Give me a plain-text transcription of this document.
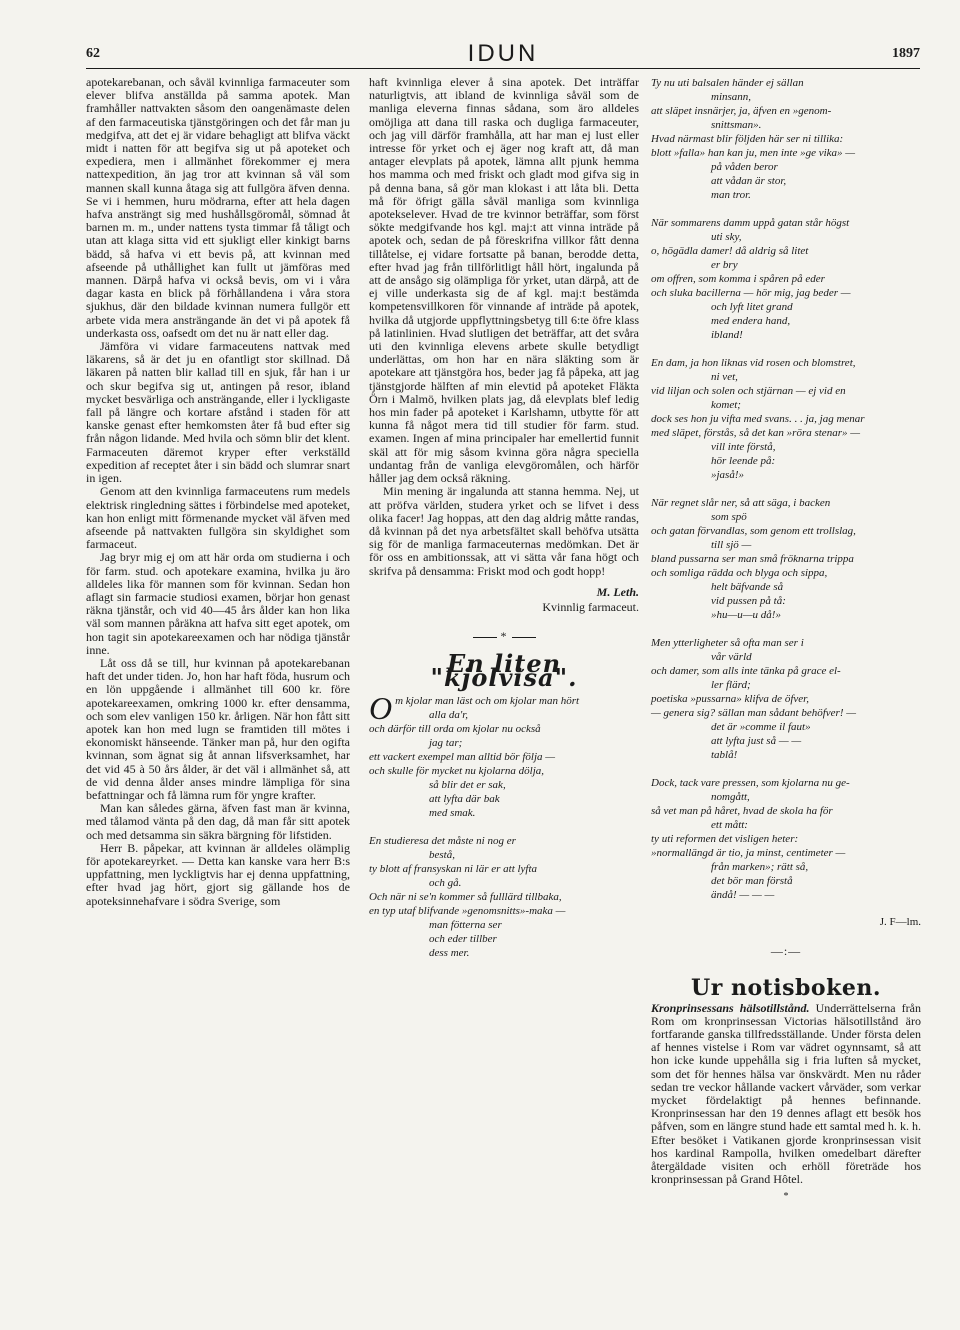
62	IDUN	1897

apotekarebanan, och såväl kvinnliga farmaceuter som elever blifva anställda på samma apotek. Man framhåller nattvakten såsom den oangenämaste delen af den farmaceutiska tjänstgöringen och det får man ju medgifva, att det ej är vidare behagligt att blifva väckt midt i natten för att begifva sig ut på apoteket och expediera, men i allmänhet förekommer ej mera nattexpedition, än jag tror att kvinnan så väl som mannen skall kunna åtaga sig att fullgöra äfven denna. Se vi i hemmen, huru mödrarna, efter att hela dagen hafva ansträngt sig med hushållsgöromål, sömnad åt barnen m. m., under nattens tysta timmar få tåligt och utan att klaga sitta vid ett sjukligt eller kinkigt barns bädd, så hafva vi ett bevis på, att kvinnan med afseende på uthållighet kan fullt ut jämföras med mannen. Därpå hafva vi också bevis, om vi i våra dagar kasta en blick på förhållandena i våra stora sjukhus, där den bildade kvinnan numera fullgör ett arbete vida mera ansträngande än det vi på apotek få underkasta oss, oafsedt om det nu är natt eller dag.

Jämföra vi vidare farmaceutens nattvak med läkarens, så är det ju en ofantligt stor skillnad. Då läkaren på natten blir kallad till en sjuk, får han i ur och skur begifva sig ut, antingen på resor, ibland mycket besvärliga och ansträngande, eller i lyckligaste fall på längre och kortare afstånd i staden för att kanske genast efter hemkomsten åter få bud efter sig från någon lidande. Med hvila och sömn blir det klent. Farmaceuten däremot kryper efter verkställd expedition af receptet åter i sin bädd och slumrar snart in igen.

Genom att den kvinnliga farmaceutens rum medels elektrisk ringledning sättes i förbindelse med apoteket, kan hon enligt mitt förmenande mycket väl äfven med afseende på nattvakten fullgöra sin skyldighet som farmaceut.

Jag bryr mig ej om att här orda om studierna i och för farm. stud. och apotekare examina, hvilka ju äro alldeles lika för mannen som för kvinnan. Sedan hon aflagt sin farmacie studiosi examen, börjar hon genast räkna tjänstår, och vid 40—45 års ålder kan hon lika väl som mannen påräkna att hafva sitt eget apotek, om hon tagit sin apotekareexamen och har nödiga tjänstår inne.

Låt oss då se till, hur kvinnan på apotekarebanan haft det under tiden. Jo, hon har haft föda, husrum och en lön uppgående i allmänhet till 600 kr. före apotekareexamen, omkring 1000 kr. efter densamma, och som elev vanligen 150 kr. årligen. När hon fått sitt apotek kan hon med lugn se framtiden till mötes i ekonomiskt hänseende. Tänker man på, hur den ogifta kvinnan, som ägnat sig åt annan lifsverksamhet, har det vid 45 à 50 års ålder, är det väl i allmänhet så, att de vid denna ålder anses mindre lämpliga för sina befattningar och få lämna rum för yngre krafter.

Man kan således gärna, äfven fast man är kvinna, med tålamod vänta på den dag, då man får sitt apotek och med detsamma sin säkra bärgning för lifstiden.

Herr B. påpekar, att kvinnan är alldeles olämplig för apotekareyrket. — Detta kan kanske vara herr B:s uppfattning, men lyckligtvis har ej denna uppfattning, efter hvad jag hört, gjort sig gällande hos de apoteksinnehafvare i södra Sverige, som

haft kvinnliga elever å sina apotek. Det inträffar naturligtvis, att ibland de kvinnliga såväl som de manliga eleverna finnas sådana, som äro alldeles omöjliga att dana till raska och dugliga farmaceuter, och jag vill därför framhålla, att har man ej lust eller intresse för yrket och ej äger nog kraft att, då man antager elevplats på apotek, lämna allt pjunk hemma hos mamma och med friskt och gladt mod gifva sig in på denna bana, så gör man klokast i att låta bli. Detta må för öfrigt gälla såväl manliga som kvinnliga apotekselever. Hvad de tre kvinnor beträffar, som först sökte medgifvande hos kgl. maj:t att vinna inträde på apotek och, sedan de på föreskrifna villkor fått denna tillåtelse, ej vidare fortsatte på banan, berodde detta, efter hvad jag från tillförlitligt håll hört, ingalunda på att de ansågo sig olämpliga för yrket, utan därpå, att de ej ville underkasta sig de af kgl. maj:t bestämda kompetensvillkoren för vinnande af inträde på apotek, hvilka då utgjorde uppflyttningsbetyg till 6:te öfre klass på latinlinien. Hvad slutligen det beträffar, att det svåra uti den kvinnliga elevens arbete skulle betydligt underlättas, om hon har en nära släkting som är apotekare att tjänstgöra hos, beder jag få påpeka, att jag tjänstgjorde hälften af min elevtid på apoteket Fläkta Örn i Malmö, hvilken plats jag, då elevplats blef ledig hos min fader på apoteket i Karlshamn, utbytte för att kunna få något mera tid till studier för farm. stud. examen. Ingen af mina principaler har emellertid funnit skäl att för mig såsom kvinna göra några speciella undantag från de vanliga elevgöromålen, och härför håller jag dem också räkning.

Min mening är ingalunda att stanna hemma. Nej, ut att pröfva världen, studera yrket och se lifvet i dess olika facer! Jag hoppas, att den dag aldrig måtte randas, då kvinnan på det nya arbetsfältet skall behöfva utsätta sig för de manliga farmaceuternas medömkan. Det är för oss en ambitionssak, att vi sätta vår fana högt och skrifva på densamma: Friskt mod och godt hopp!

M. Leth.
Kvinnlig farmaceut.
*
En liten "kjolvisa".
O m kjolar man läst och om kjolar man hört
alla da'r,
och därför till orda om kjolar nu också
jag tar;
ett vackert exempel man alltid bör följa —
och skulle för mycket nu kjolarna dölja,
så blir det er sak,
att lyfta där bak
med smak.
En studieresa det måste ni nog er
bestå,
ty blott af fransyskan ni lär er att lyfta
och gå.
Och när ni se'n kommer så fulllärd tillbaka,
en typ utaf blifvande »genomsnitts»-maka —
man fötterna ser
och eder tillber
dess mer.
Ty nu uti balsalen händer ej sällan
minsann,
att släpet insnärjer, ja, äfven en »genom-
snittsman».
Hvad närmast blir följden här ser ni tillika:
blott »falla» han kan ju, men inte »ge vika» —
på våden beror
att vådan är stor,
man tror.
När sommarens damm uppå gatan står högst
uti sky,
o, högädla damer! då aldrig så litet
er bry
om offren, som komma i spåren på eder
och sluka bacillerna — hör mig, jag beder —
och lyft litet grand
med endera hand,
ibland!
En dam, ja hon liknas vid rosen och blomstret,
ni vet,
vid liljan och solen och stjärnan — ej vid en
komet;
dock ses hon ju vifta med svans. . . ja, jag menar
med släpet, förstås, så det kan »röra stenar» —
vill inte förstå,
hör leende på:
»jaså!»
När regnet slår ner, så att säga, i backen
som spö
och gatan förvandlas, som genom ett trollslag,
till sjö —
bland pussarna ser man små fröknarna trippa
och somliga rädda och blyga och sippa,
helt bäfvande så
vid pussen på tå:
»hu—u—u då!»
Men ytterligheter så ofta man ser i
vår värld
och damer, som alls inte tänka på grace el-
ler flärd;
poetiska »pussarna» klifva de öfver,
— genera sig? sällan man sådant behöfver! —
det är »comme il faut»
att lyfta just så — —
tablå!
Dock, tack vare pressen, som kjolarna nu ge-
nomgått,
så vet man på håret, hvad de skola ha för
ett mått:
ty uti reformen det visligen heter:
»normallängd är tio, ja minst, centimeter —
från marken»; rätt så,
det bör man förstå
ändå! — — —
J. F—lm.
—:—
Ur notisboken.

Kronprinsessans hälsotillstånd. Underrättelserna från Rom om kronprinsessan Victorias hälsotillstånd äro fortfarande ganska tillfredsställande. Under första delen af hennes vistelse i Rom var vädret ogynnsamt, så att hon icke kunde uppehålla sig i fria luften så mycket, som det för hennes hälsa var önskvärdt. Men nu råder sedan tre veckor hållande vackert vårväder, som verkar mycket fördelaktigt på hennes befinnande. Kronprinsessan har den 19 dennes aflagt ett besök hos påfven, som en längre stund hade ett samtal med h. k. h. Efter besöket i Vatikanen gjorde kronprinsessan visit hos kardinal Rampolla, hvilken omedelbart därefter återgäldade visiten och erhöll företräde hos kronprinsessan på Grand Hôtel.

*
